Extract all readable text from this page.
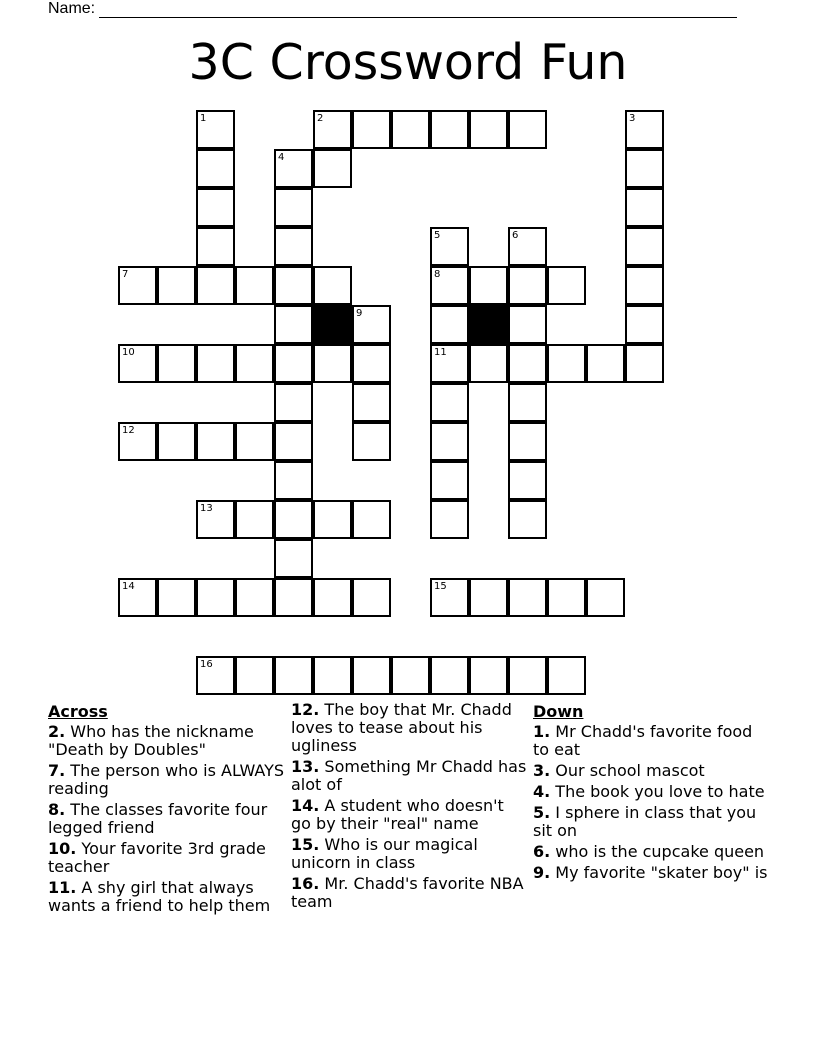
Name:
3C Crossword Fun
1	2	3
4
5	6
7	8
9
10	11
12
13
14	15
16
Across
2. Who has the nickname "Death by Doubles"
7. The person who is ALWAYS reading
8. The classes favorite four legged friend
10. Your favorite 3rd grade teacher
11. A shy girl that always wants a friend to help them
12. The boy that Mr. Chadd loves to tease about his ugliness
13. Something Mr Chadd has alot of
14. A student who doesn't go by their "real" name
15. Who is our magical unicorn in class
16. Mr. Chadd's favorite NBA team
Down
1. Mr Chadd's favorite food to eat
3. Our school mascot
4. The book you love to hate
5. I sphere in class that you sit on
6. who is the cupcake queen
9. My favorite "skater boy" is
